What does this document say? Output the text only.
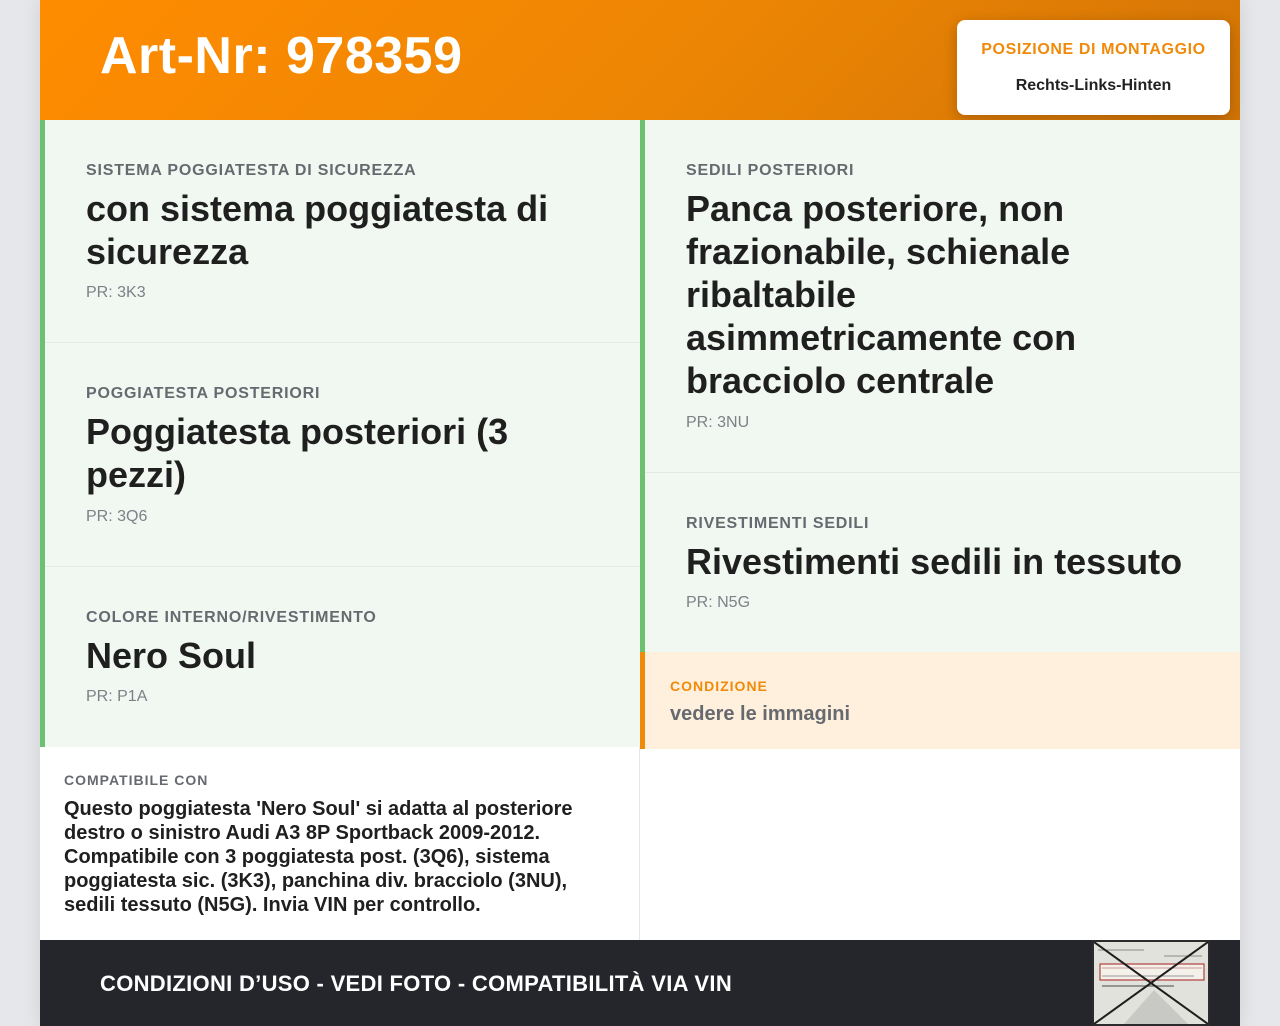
Art-Nr: 978359	POSIZIONE DI MONTAGGIO
Rechts-Links-Hinten
SISTEMA POGGIATESTA DI SICUREZZA
con sistema poggiatesta di sicurezza
PR: 3K3
POGGIATESTA POSTERIORI
Poggiatesta posteriori (3 pezzi)
PR: 3Q6
COLORE INTERNO/RIVESTIMENTO
Nero Soul
PR: P1A
SEDILI POSTERIORI
Panca posteriore, non frazionabile, schienale ribaltabile asimmetricamente con bracciolo centrale
PR: 3NU
RIVESTIMENTI SEDILI
Rivestimenti sedili in tessuto
PR: N5G
CONDIZIONE
vedere le immagini
COMPATIBILE CON
Questo poggiatesta 'Nero Soul' si adatta al posteriore destro o sinistro Audi A3 8P Sportback 2009-2012. Compatibile con 3 poggiatesta post. (3Q6), sistema poggiatesta sic. (3K3), panchina div. bracciolo (3NU), sedili tessuto (N5G). Invia VIN per controllo.
CONDIZIONI D’USO - VEDI FOTO - COMPATIBILITÀ VIA VIN
